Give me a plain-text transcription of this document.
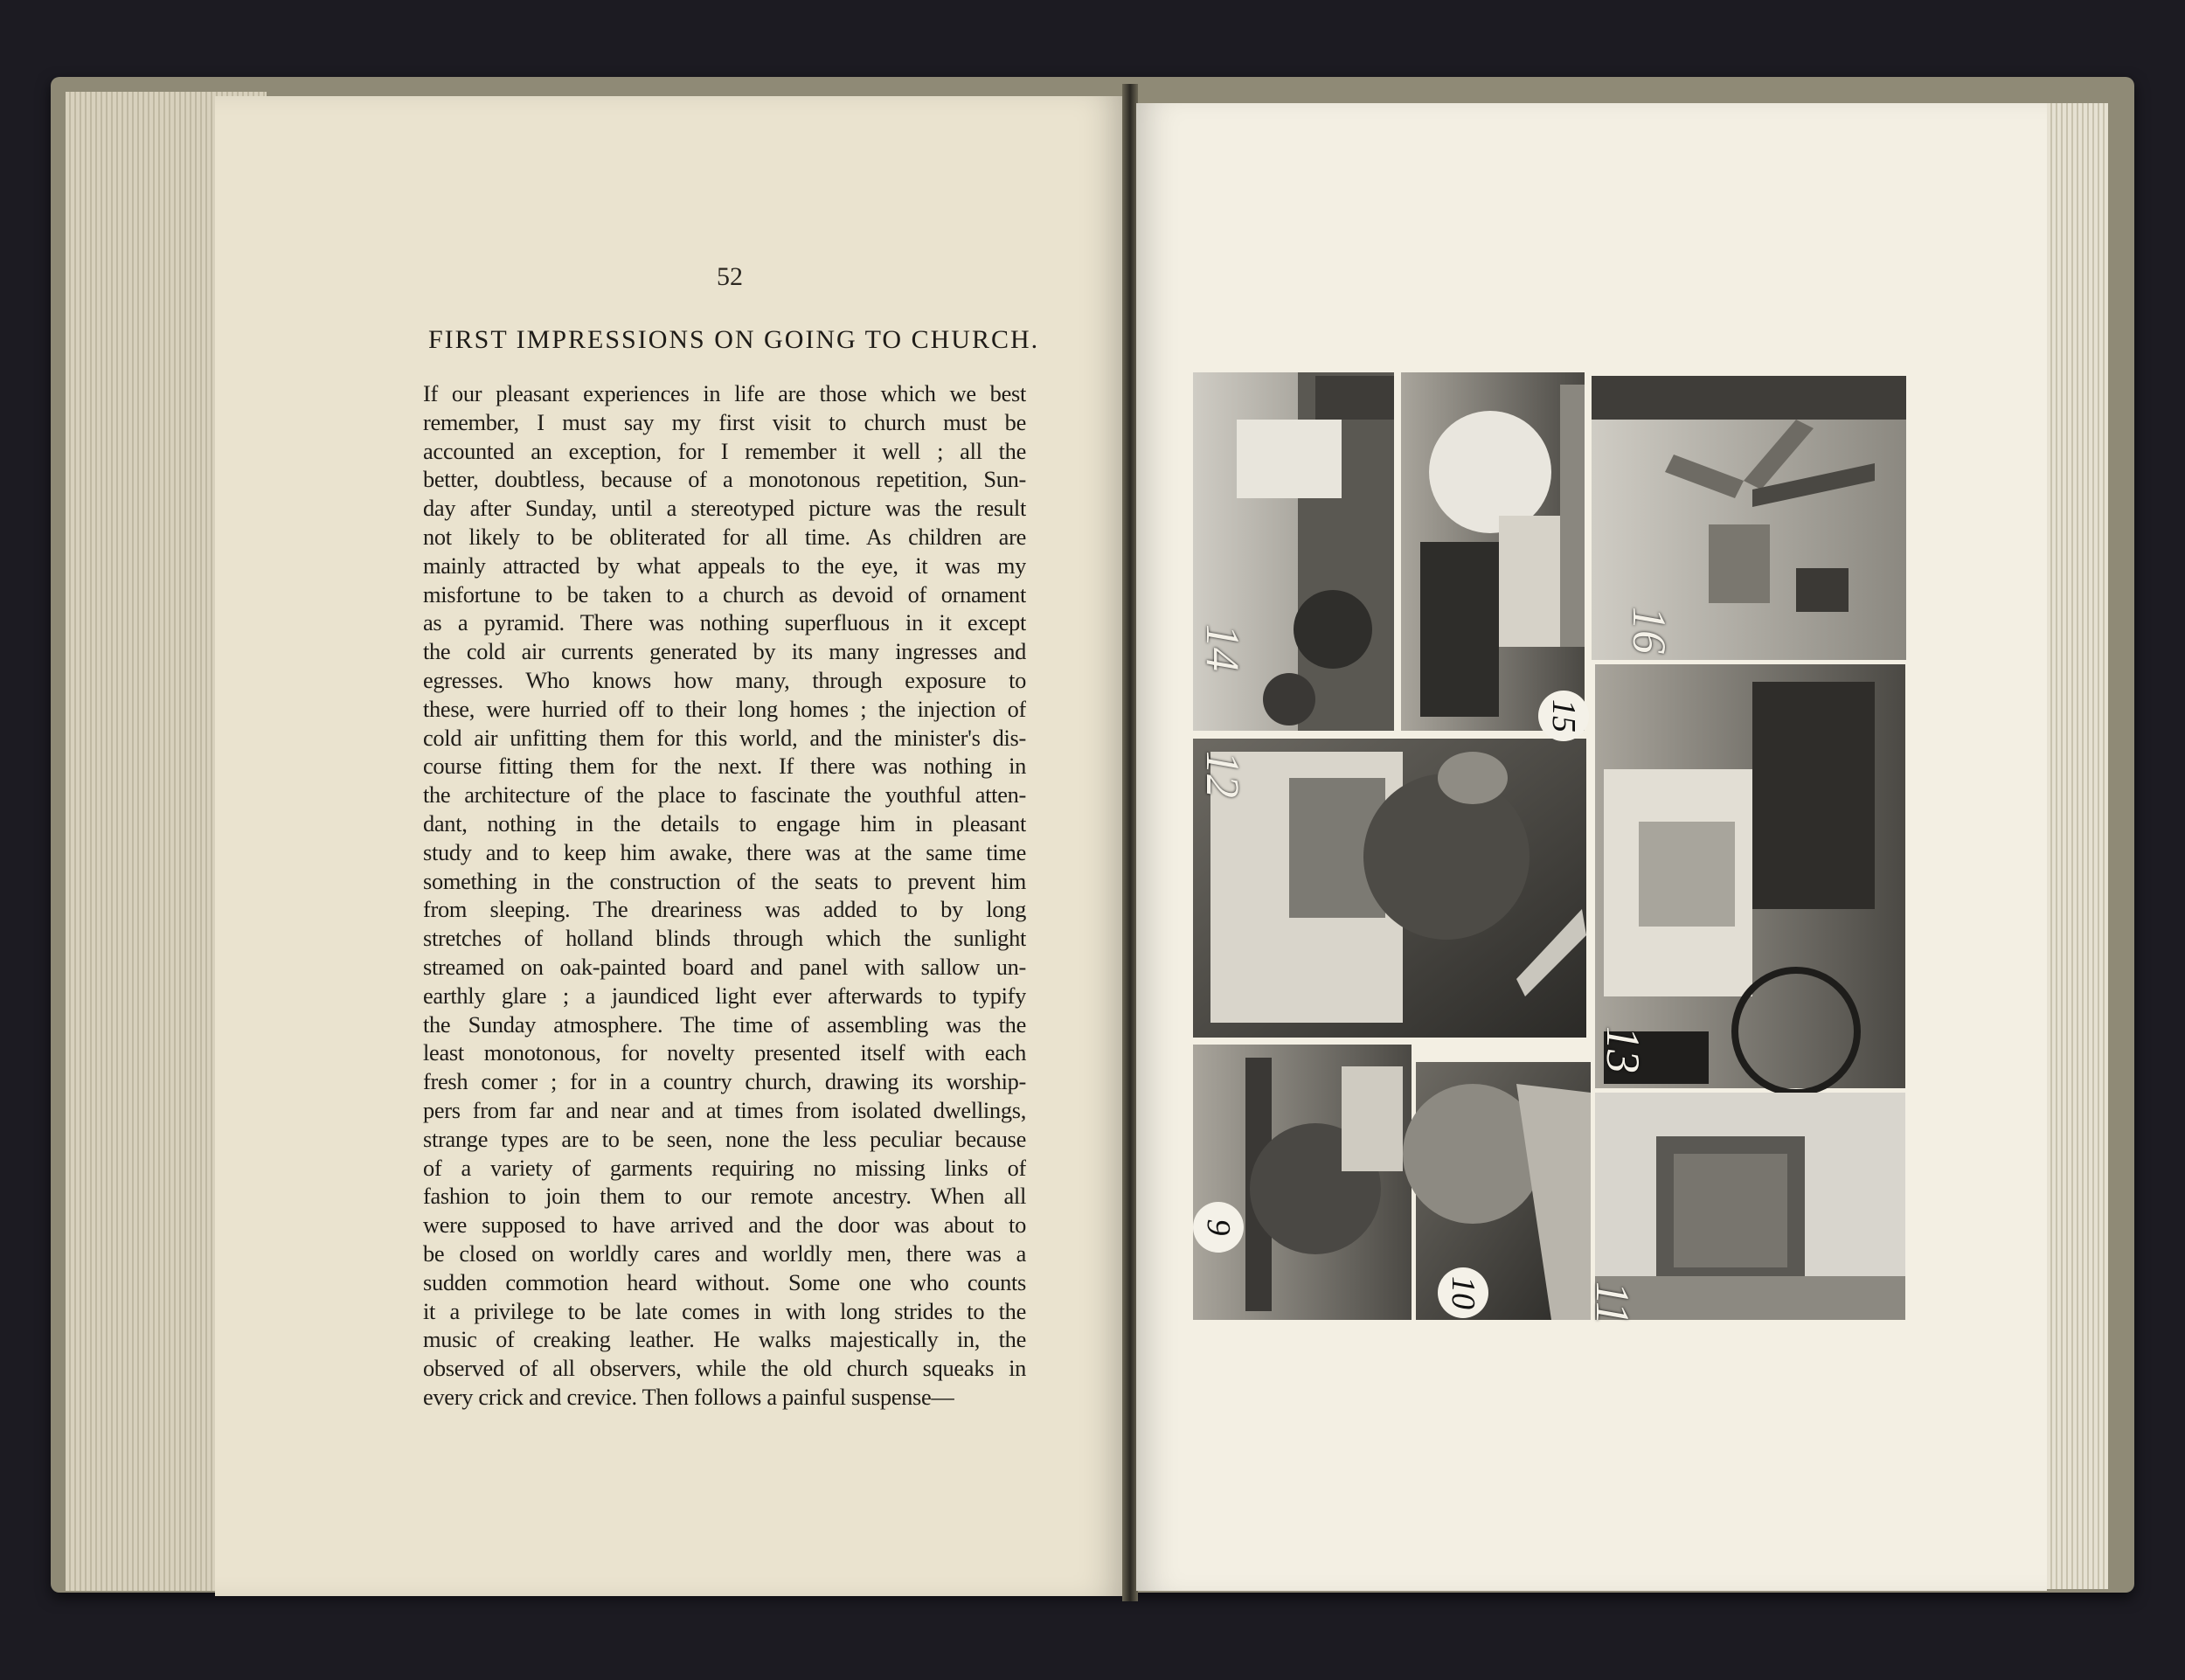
52
FIRST IMPRESSIONS ON GOING TO CHURCH.
If our pleasant experiences in life are those which we best
remember, I must say my first visit to church must be
accounted an exception, for I remember it well ; all the
better, doubtless, because of a monotonous repetition, Sun-
day after Sunday, until a stereotyped picture was the result
not likely to be obliterated for all time. As children are
mainly attracted by what appeals to the eye, it was my
misfortune to be taken to a church as devoid of ornament
as a pyramid. There was nothing superfluous in it except
the cold air currents generated by its many ingresses and
egresses. Who knows how many, through exposure to
these, were hurried off to their long homes ; the injection of
cold air unfitting them for this world, and the minister's dis-
course fitting them for the next. If there was nothing in
the architecture of the place to fascinate the youthful atten-
dant, nothing in the details to engage him in pleasant
study and to keep him awake, there was at the same time
something in the construction of the seats to prevent him
from sleeping. The dreariness was added to by long
stretches of holland blinds through which the sunlight
streamed on oak-painted board and panel with sallow un-
earthly glare ; a jaundiced light ever afterwards to typify
the Sunday atmosphere. The time of assembling was the
least monotonous, for novelty presented itself with each
fresh comer ; for in a country church, drawing its worship-
pers from far and near and at times from isolated dwellings,
strange types are to be seen, none the less peculiar because
of a variety of garments requiring no missing links of
fashion to join them to our remote ancestry. When all
were supposed to have arrived and the door was about to
be closed on worldly cares and worldly men, there was a
sudden commotion heard without. Some one who counts
it a privilege to be late comes in with long strides to the
music of creaking leather. He walks majestically in, the
observed of all observers, while the old church squeaks in
every crick and crevice. Then follows a painful suspense—
14
15
16
12
13
9
10 11
